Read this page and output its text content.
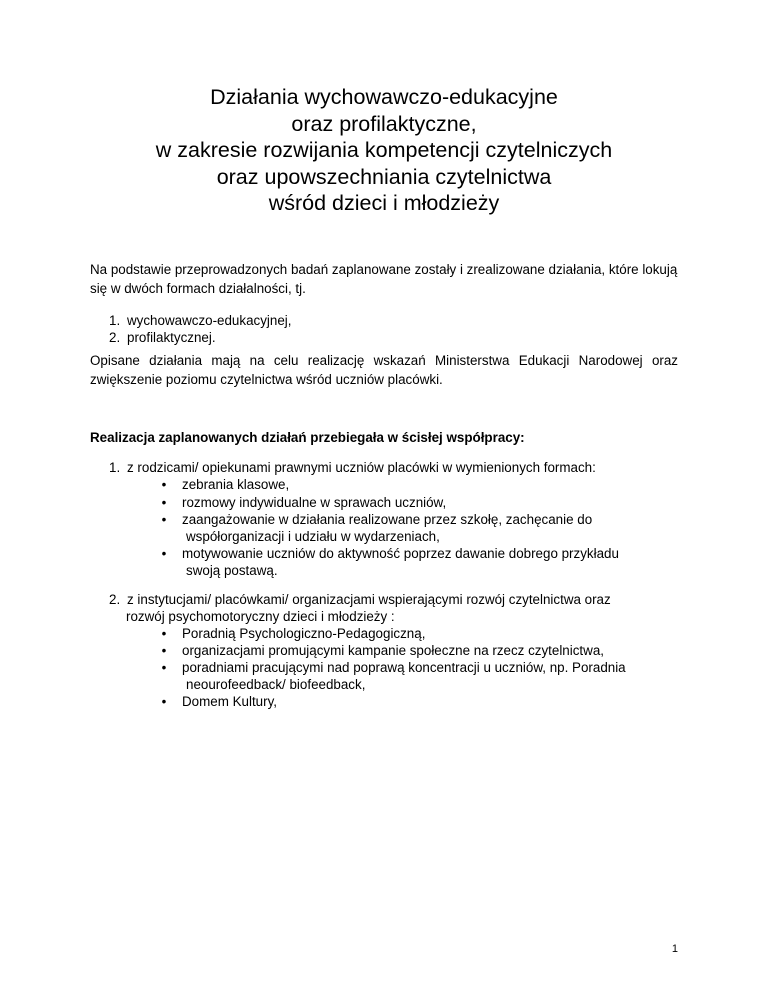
Działania wychowawczo-edukacyjne
oraz profilaktyczne,
w zakresie rozwijania kompetencji czytelniczych
oraz upowszechniania czytelnictwa
wśród dzieci i młodzieży
Na podstawie przeprowadzonych badań zaplanowane zostały i zrealizowane działania, które lokują się w dwóch formach działalności, tj.
1. wychowawczo-edukacyjnej,
2. profilaktycznej.
Opisane działania mają na celu realizację wskazań Ministerstwa Edukacji Narodowej oraz zwiększenie poziomu czytelnictwa wśród uczniów placówki.
Realizacja zaplanowanych działań przebiegała w ścisłej współpracy:
1. z rodzicami/ opiekunami prawnymi uczniów placówki w wymienionych formach:
• zebrania klasowe,
• rozmowy indywidualne w sprawach uczniów,
• zaangażowanie w działania realizowane przez szkołę, zachęcanie do
współorganizacji i udziału w wydarzeniach,
• motywowanie uczniów do aktywność poprzez dawanie dobrego przykładu
swoją postawą.
2. z instytucjami/ placówkami/ organizacjami wspierającymi rozwój czytelnictwa oraz
rozwój psychomotoryczny dzieci i młodzieży :
• Poradnią Psychologiczno-Pedagogiczną,
• organizacjami promującymi kampanie społeczne na rzecz czytelnictwa,
• poradniami pracującymi nad poprawą koncentracji u uczniów, np. Poradnia
neourofeedback/ biofeedback,
• Domem Kultury,
1
